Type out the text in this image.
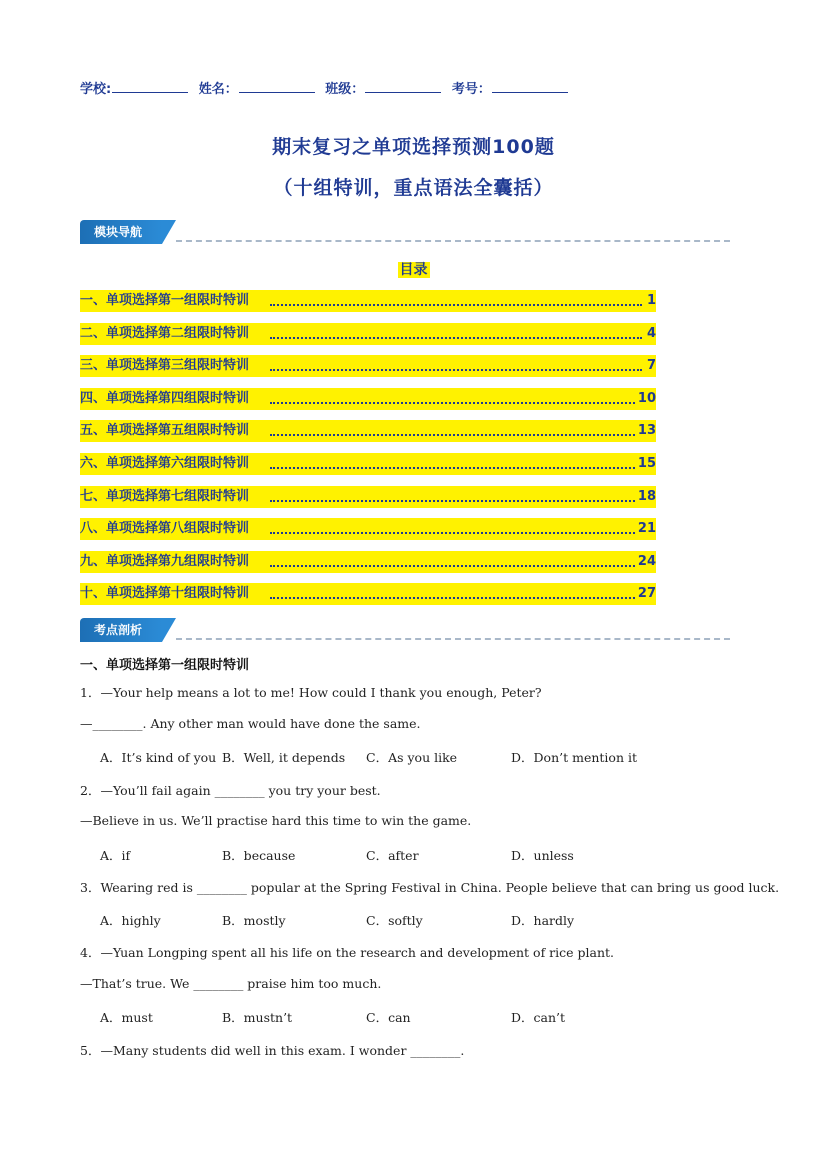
学校:	姓名：	班级：	考号：
期末复习之单项选择预测100题
（十组特训，重点语法全囊括）
模块导航
目录
一、单项选择第一组限时特训	1
二、单项选择第二组限时特训	4
三、单项选择第三组限时特训	7
四、单项选择第四组限时特训	10
五、单项选择第五组限时特训	13
六、单项选择第六组限时特训	15
七、单项选择第七组限时特训	18
八、单项选择第八组限时特训	21
九、单项选择第九组限时特训	24
十、单项选择第十组限时特训	27
考点剖析
一、单项选择第一组限时特训
1．—Your help means a lot to me! How could I thank you enough, Peter?
—________. Any other man would have done the same.
A．It’s kind of you B．Well, it depends C．As you like	D．Don’t mention it
2．—You’ll fail again ________ you try your best.
—Believe in us. We’ll practise hard this time to win the game.
A．if	B．because	C．after	D．unless
3．Wearing red is ________ popular at the Spring Festival in China. People believe that can bring us good luck.
A．highly	B．mostly	C．softly	D．hardly
4．—Yuan Longping spent all his life on the research and development of rice plant.
—That’s true. We ________ praise him too much.
A．must	B．mustn’t	C．can	D．can’t
5．—Many students did well in this exam. I wonder ________.
